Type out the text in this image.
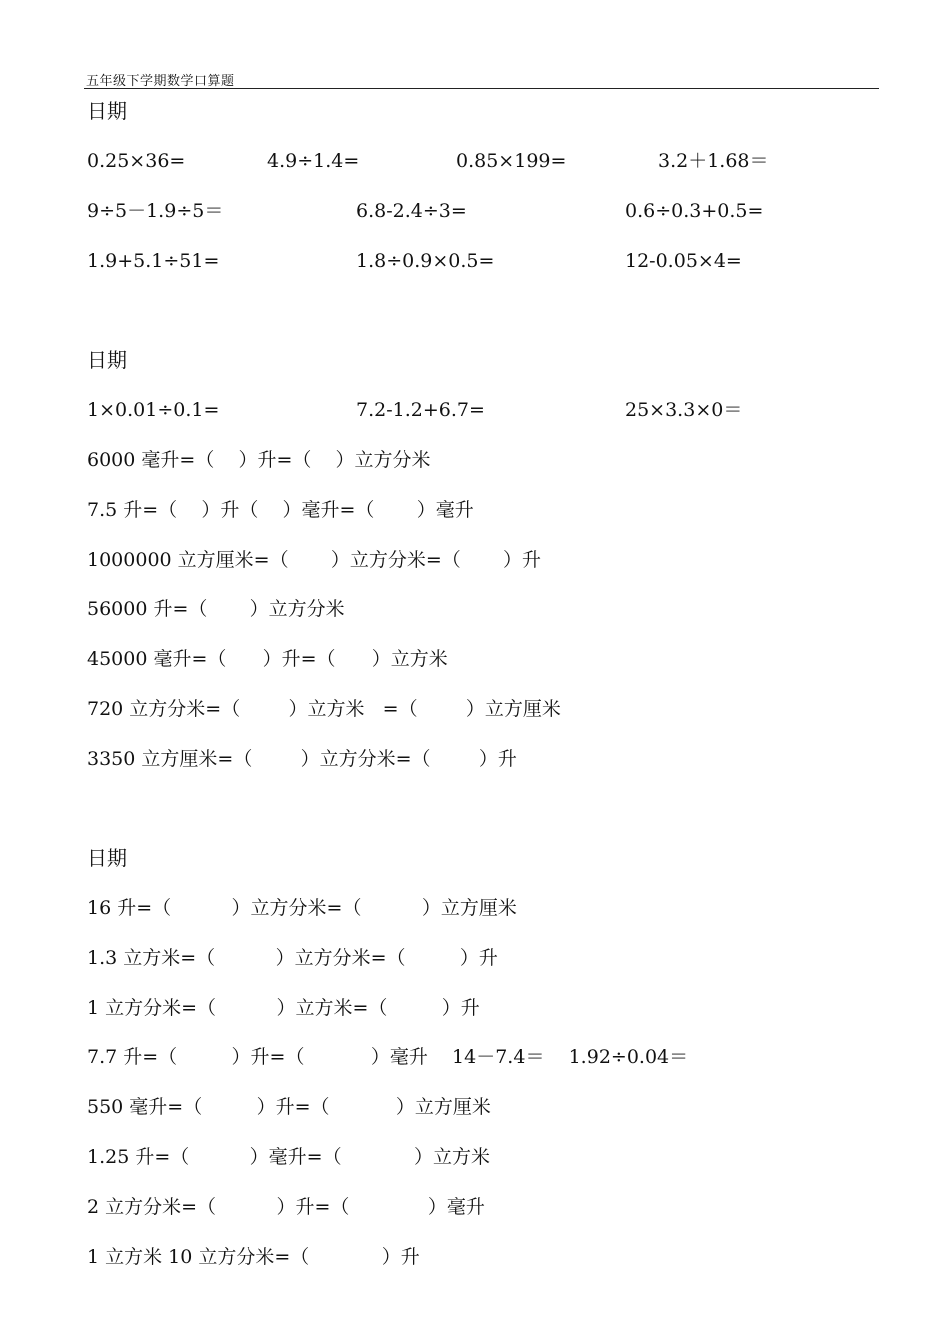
五年级下学期数学口算题
日期
0.25×36=	4.9÷1.4=	0.85×199=	3.2＋1.68＝
9÷5－1.9÷5＝	6.8-2.4÷3=	0.6÷0.3+0.5=
1.9+5.1÷51=	1.8÷0.9×0.5=	12-0.05×4=
日期
1×0.01÷0.1=	7.2-1.2+6.7=	25×3.3×0＝
6000 毫升=（    ）升=（    ）立方分米
7.5 升=（    ）升（    ）毫升=（       ）毫升
1000000 立方厘米=（       ）立方分米=（       ）升
56000 升=（       ）立方分米
45000 毫升=（      ）升=（      ）立方米
720 立方分米=（        ）立方米   =（        ）立方厘米
3350 立方厘米=（        ）立方分米=（        ）升
日期
16 升=（          ）立方分米=（          ）立方厘米
1.3 立方米=（          ）立方分米=（         ）升
1 立方分米=（          ）立方米=（         ）升
7.7 升=（         ）升=（           ）毫升    14－7.4＝    1.92÷0.04＝
550 毫升=（         ）升=（           ）立方厘米
1.25 升=（          ）毫升=（            ）立方米
2 立方分米=（          ）升=（             ）毫升
1 立方米 10 立方分米=（            ）升
